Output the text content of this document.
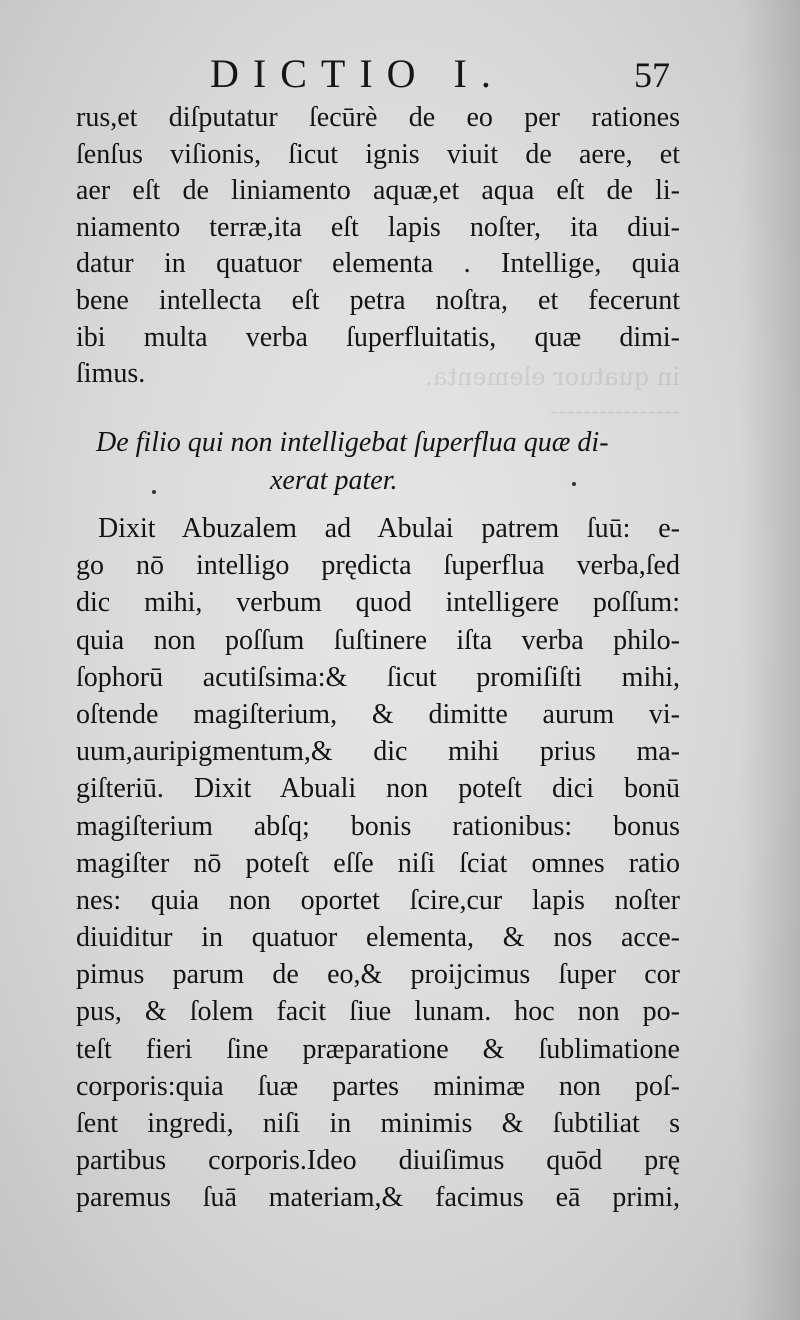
in quatuor elementa.
----------------
DICTIO I.	57
rus,et diſputatur ſecūrè de eo per rationes
ſenſus viſionis, ſicut ignis viuit de aere, et
aer eſt de liniamento aquæ,et aqua eſt de li-
niamento terræ,ita eſt lapis noſter, ita diui-
datur in quatuor elementa . Intellige, quia
bene intellecta eſt petra noſtra, et fecerunt
ibi multa verba ſuperfluitatis, quæ dimi-
ſimus.
De filio qui non intelligebat ſuperflua quæ di-
xerat pater.
Dixit Abuzalem ad Abulai patrem ſuū: e-
go nō intelligo prędicta ſuperflua verba,ſed
dic mihi, verbum quod intelligere poſſum:
quia non poſſum ſuſtinere iſta verba philo-
ſophorū acutiſsima:& ſicut promiſiſti mihi,
oſtende magiſterium, & dimitte aurum vi-
uum,auripigmentum,& dic mihi prius ma-
giſteriū. Dixit Abuali non poteſt dici bonū
magiſterium abſq; bonis rationibus: bonus
magiſter nō poteſt eſſe niſi ſciat omnes ratio
nes: quia non oportet ſcire,cur lapis noſter
diuiditur in quatuor elementa, & nos acce-
pimus parum de eo,& proijcimus ſuper cor
pus, & ſolem facit ſiue lunam. hoc non po-
teſt fieri ſine præparatione & ſublimatione
corporis:quia ſuæ partes minimæ non poſ-
ſent ingredi, niſi in minimis & ſubtiliat s
partibus corporis.Ideo diuiſimus quōd prę
paremus ſuā materiam,& facimus eā primi,
